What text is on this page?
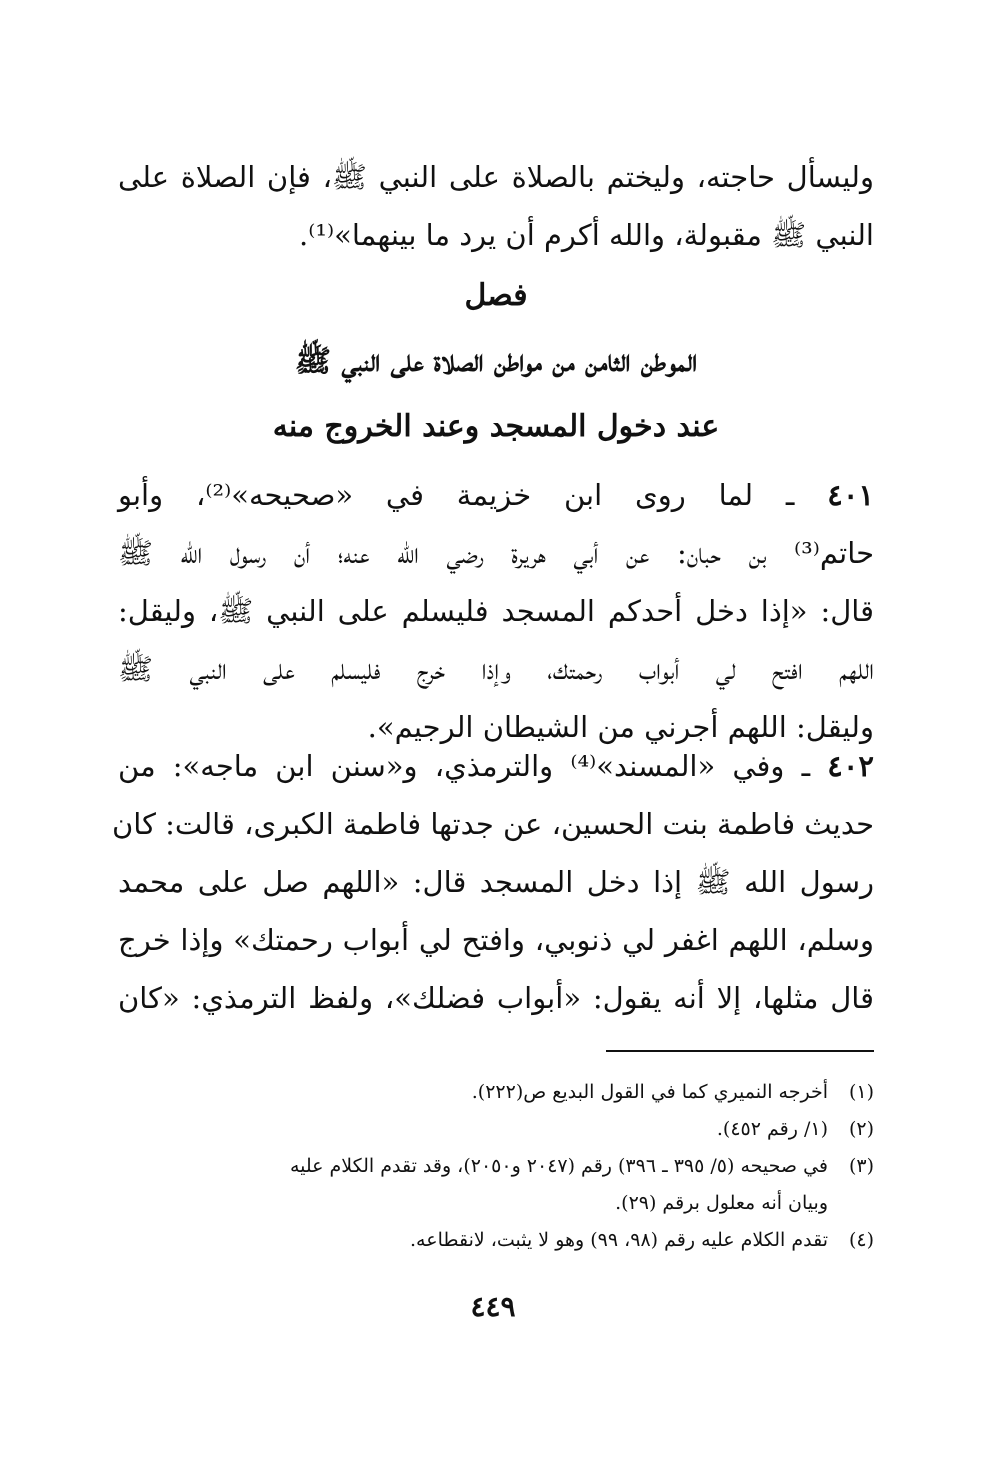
وليسأل حاجته، وليختم بالصلاة على النبي ﷺ، فإن الصلاة على
النبي ﷺ مقبولة، والله أكرم أن يرد ما بينهما»⁽¹⁾.
فصل
الموطن الثامن من مواطن الصلاة على النبي ﷺ
عند دخول المسجد وعند الخروج منه
٤٠١ ـ لما روى ابن خزيمة في «صحيحه»⁽²⁾، وأبو
حاتم⁽³⁾ بن حبان: عن أبي هريرة رضي الله عنه؛ أن رسول الله ﷺ
قال: «إذا دخل أحدكم المسجد فليسلم على النبي ﷺ، وليقل:
اللهم افتح لي أبواب رحمتك، وإذا خرج فليسلم على النبي ﷺ
وليقل: اللهم أجرني من الشيطان الرجيم».
٤٠٢ ـ وفي «المسند»⁽⁴⁾ والترمذي، و«سنن ابن ماجه»: من
حديث فاطمة بنت الحسين، عن جدتها فاطمة الكبرى، قالت: كان
رسول الله ﷺ إذا دخل المسجد قال: «اللهم صل على محمد
وسلم، اللهم اغفر لي ذنوبي، وافتح لي أبواب رحمتك» وإذا خرج
قال مثلها، إلا أنه يقول: «أبواب فضلك»، ولفظ الترمذي: «كان
(١)أخرجه النميري كما في القول البديع ص(٢٢٢).
(٢)(١/ رقم ٤٥٢).
(٣)في صحيحه (٥/ ٣٩٥ ـ ٣٩٦) رقم (٢٠٤٧ و٢٠٥٠)، وقد تقدم الكلام عليه
وبيان أنه معلول برقم (٢٩).
(٤)تقدم الكلام عليه رقم (٩٨، ٩٩) وهو لا يثبت، لانقطاعه.
٤٤٩
